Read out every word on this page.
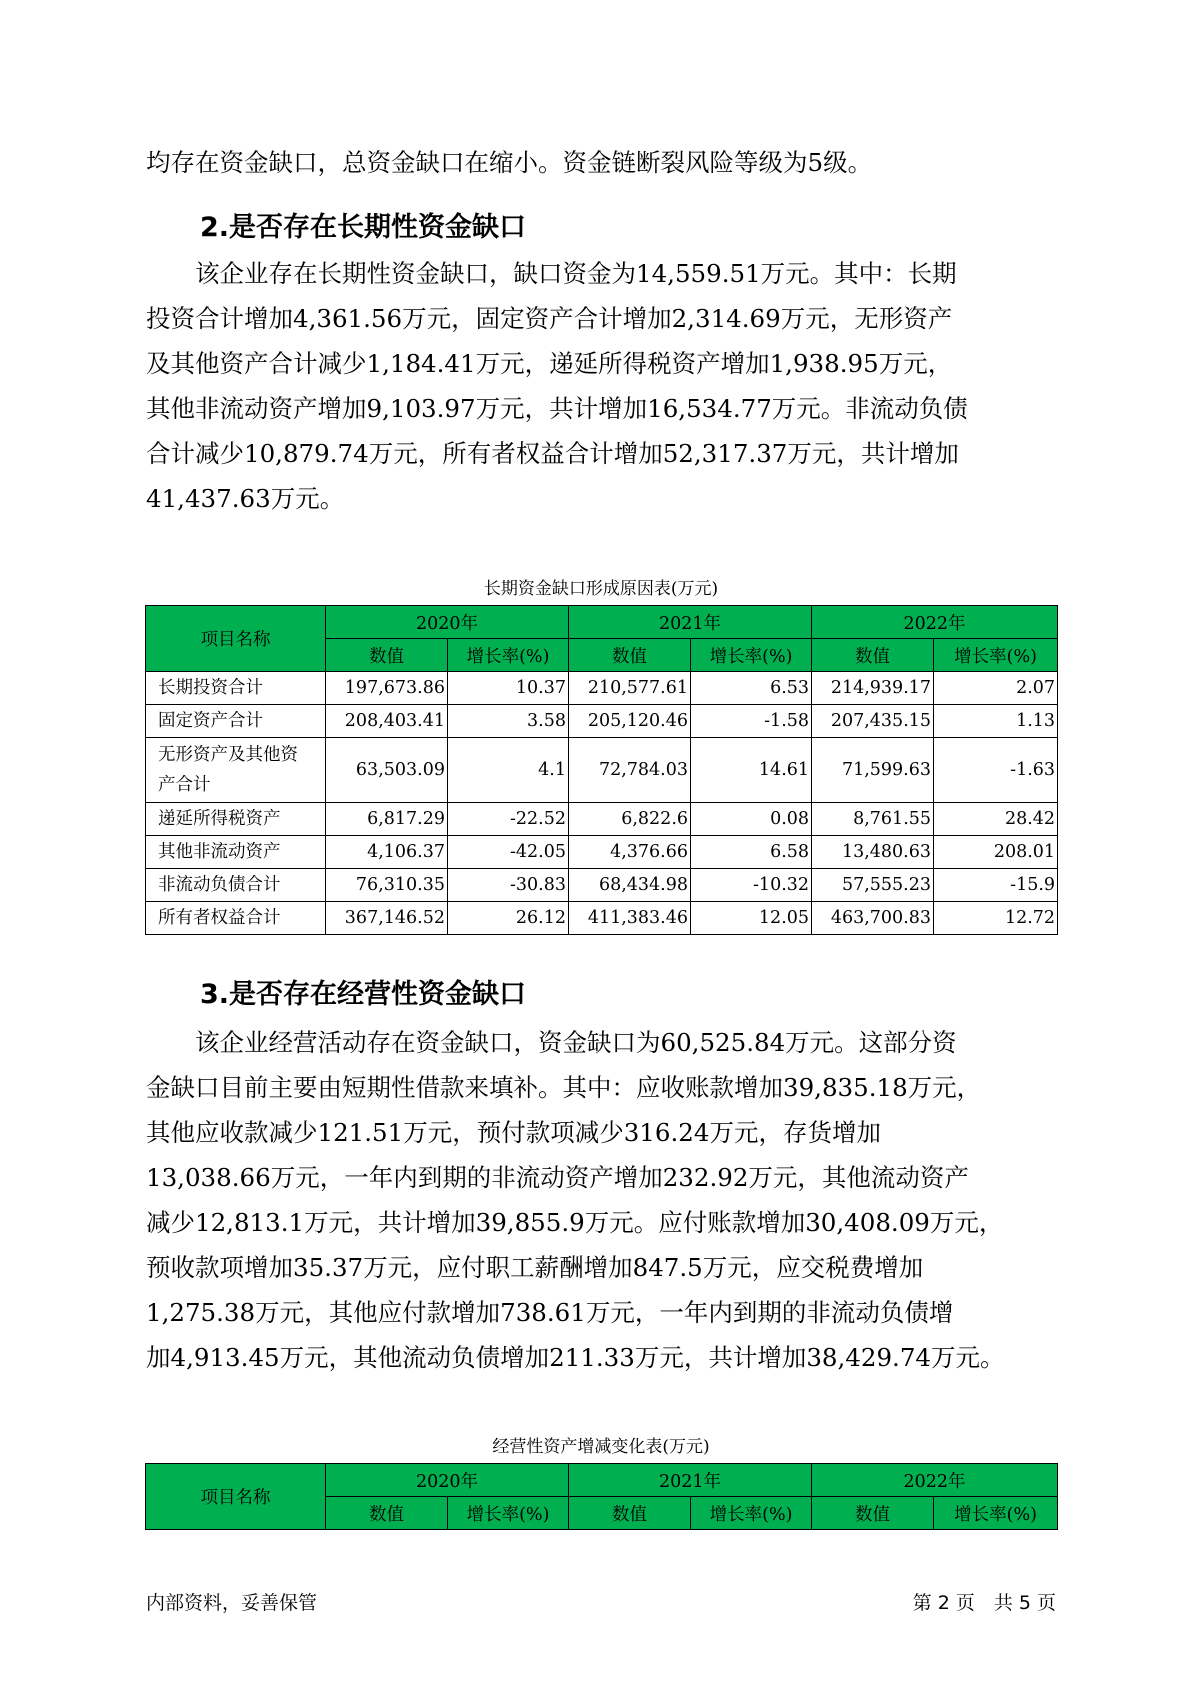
均存在资金缺口，总资金缺口在缩小。资金链断裂风险等级为5级。

2.是否存在长期性资金缺口

　　该企业存在长期性资金缺口，缺口资金为14,559.51万元。其中：长期
投资合计增加4,361.56万元，固定资产合计增加2,314.69万元，无形资产
及其他资产合计减少1,184.41万元，递延所得税资产增加1,938.95万元，
其他非流动资产增加9,103.97万元，共计增加16,534.77万元。非流动负债
合计减少10,879.74万元，所有者权益合计增加52,317.37万元，共计增加
41,437.63万元。

长期资金缺口形成原因表(万元)

项目名称	2020年		2021年		2022年	
	数值	增长率(%)	数值	增长率(%)	数值	增长率(%)
长期投资合计	197,673.86	10.37	210,577.61	6.53	214,939.17	2.07
固定资产合计	208,403.41	3.58	205,120.46	-1.58	207,435.15	1.13
无形资产及其他资
产合计	63,503.09	4.1	72,784.03	14.61	71,599.63	-1.63
递延所得税资产	6,817.29	-22.52	6,822.6	0.08	8,761.55	28.42
其他非流动资产	4,106.37	-42.05	4,376.66	6.58	13,480.63	208.01
非流动负债合计	76,310.35	-30.83	68,434.98	-10.32	57,555.23	-15.9
所有者权益合计	367,146.52	26.12	411,383.46	12.05	463,700.83	12.72
3.是否存在经营性资金缺口

　　该企业经营活动存在资金缺口，资金缺口为60,525.84万元。这部分资
金缺口目前主要由短期性借款来填补。其中：应收账款增加39,835.18万元，
其他应收款减少121.51万元，预付款项减少316.24万元，存货增加
13,038.66万元，一年内到期的非流动资产增加232.92万元，其他流动资产
减少12,813.1万元，共计增加39,855.9万元。应付账款增加30,408.09万元，
预收款项增加35.37万元，应付职工薪酬增加847.5万元，应交税费增加
1,275.38万元，其他应付款增加738.61万元，一年内到期的非流动负债增
加4,913.45万元，其他流动负债增加211.33万元，共计增加38,429.74万元。

经营性资产增减变化表(万元)

项目名称	2020年		2021年		2022年	
	数值	增长率(%)	数值	增长率(%)	数值	增长率(%)
内部资料，妥善保管	第 2 页　共 5 页
